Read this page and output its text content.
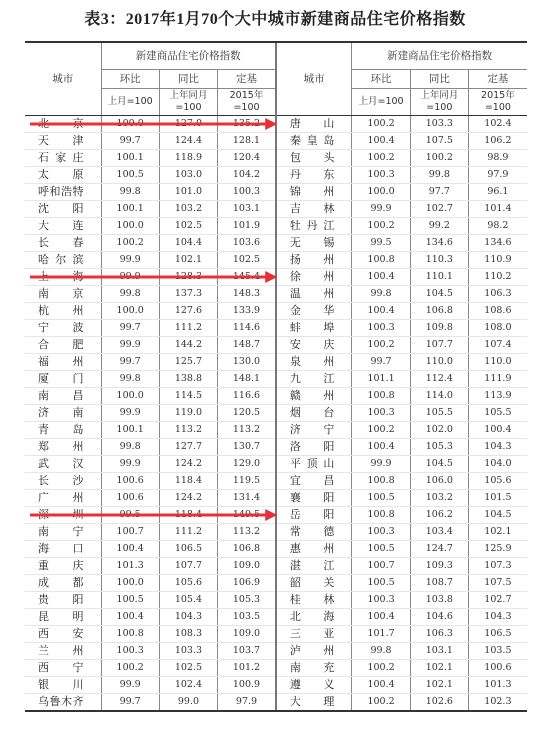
表3：2017年1月70个大中城市新建商品住宅价格指数
城市	新建商品住宅价格指数			城市	新建商品住宅价格指数		
	环比	同比	定基		环比	同比	定基
	上月=100	上年同月=100	2015年=100		上月=100	上年同月=100	2015年=100
北京	100.0	127.0	135.2	唐山	100.2	103.3	102.4
天津	99.7	124.4	128.1	秦皇岛	100.4	107.5	106.2
石家庄	100.1	118.9	120.4	包头	100.2	100.2	98.9
太原	100.5	103.0	104.2	丹东	100.3	99.8	97.9
呼和浩特	99.8	101.0	100.3	锦州	100.0	97.7	96.1
沈阳	100.1	103.2	103.1	吉林	99.9	102.7	101.4
大连	100.0	102.5	101.9	牡丹江	100.2	99.2	98.2
长春	100.2	104.4	103.6	无锡	99.5	134.6	134.6
哈尔滨	99.9	102.1	102.5	扬州	100.8	110.3	110.9
上海	99.9	128.3	145.4	徐州	100.4	110.1	110.2
南京	99.8	137.3	148.3	温州	99.8	104.5	106.3
杭州	100.0	127.6	133.9	金华	100.4	106.8	108.6
宁波	99.7	111.2	114.6	蚌埠	100.3	109.8	108.0
合肥	99.9	144.2	148.7	安庆	100.2	107.7	107.4
福州	99.7	125.7	130.0	泉州	99.7	110.0	110.0
厦门	99.8	138.8	148.1	九江	101.1	112.4	111.9
南昌	100.0	114.5	116.6	赣州	100.8	114.0	113.9
济南	99.9	119.0	120.5	烟台	100.3	105.5	105.5
青岛	100.1	113.2	113.2	济宁	100.2	102.0	100.4
郑州	99.8	127.7	130.7	洛阳	100.4	105.3	104.3
武汉	99.9	124.2	129.0	平顶山	99.9	104.5	104.0
长沙	100.6	118.4	119.5	宜昌	100.8	106.0	105.6
广州	100.6	124.2	131.4	襄阳	100.5	103.2	101.5
深圳	99.5	118.4	149.5	岳阳	100.8	106.2	104.5
南宁	100.7	111.2	113.2	常德	100.3	103.4	102.1
海口	100.4	106.5	106.8	惠州	100.5	124.7	125.9
重庆	101.3	107.7	109.0	湛江	100.7	109.3	107.3
成都	100.0	105.6	106.9	韶关	100.5	108.7	107.5
贵阳	100.5	105.4	105.3	桂林	100.3	103.8	102.7
昆明	100.4	104.3	103.5	北海	100.4	104.6	104.3
西安	100.8	108.3	109.0	三亚	101.7	106.3	106.5
兰州	100.3	103.3	103.7	泸州	99.8	103.1	103.5
西宁	100.2	102.5	101.2	南充	100.2	102.1	100.6
银川	99.9	102.4	100.9	遵义	100.4	102.1	101.3
乌鲁木齐	99.7	99.0	97.9	大理	100.2	102.6	102.3
